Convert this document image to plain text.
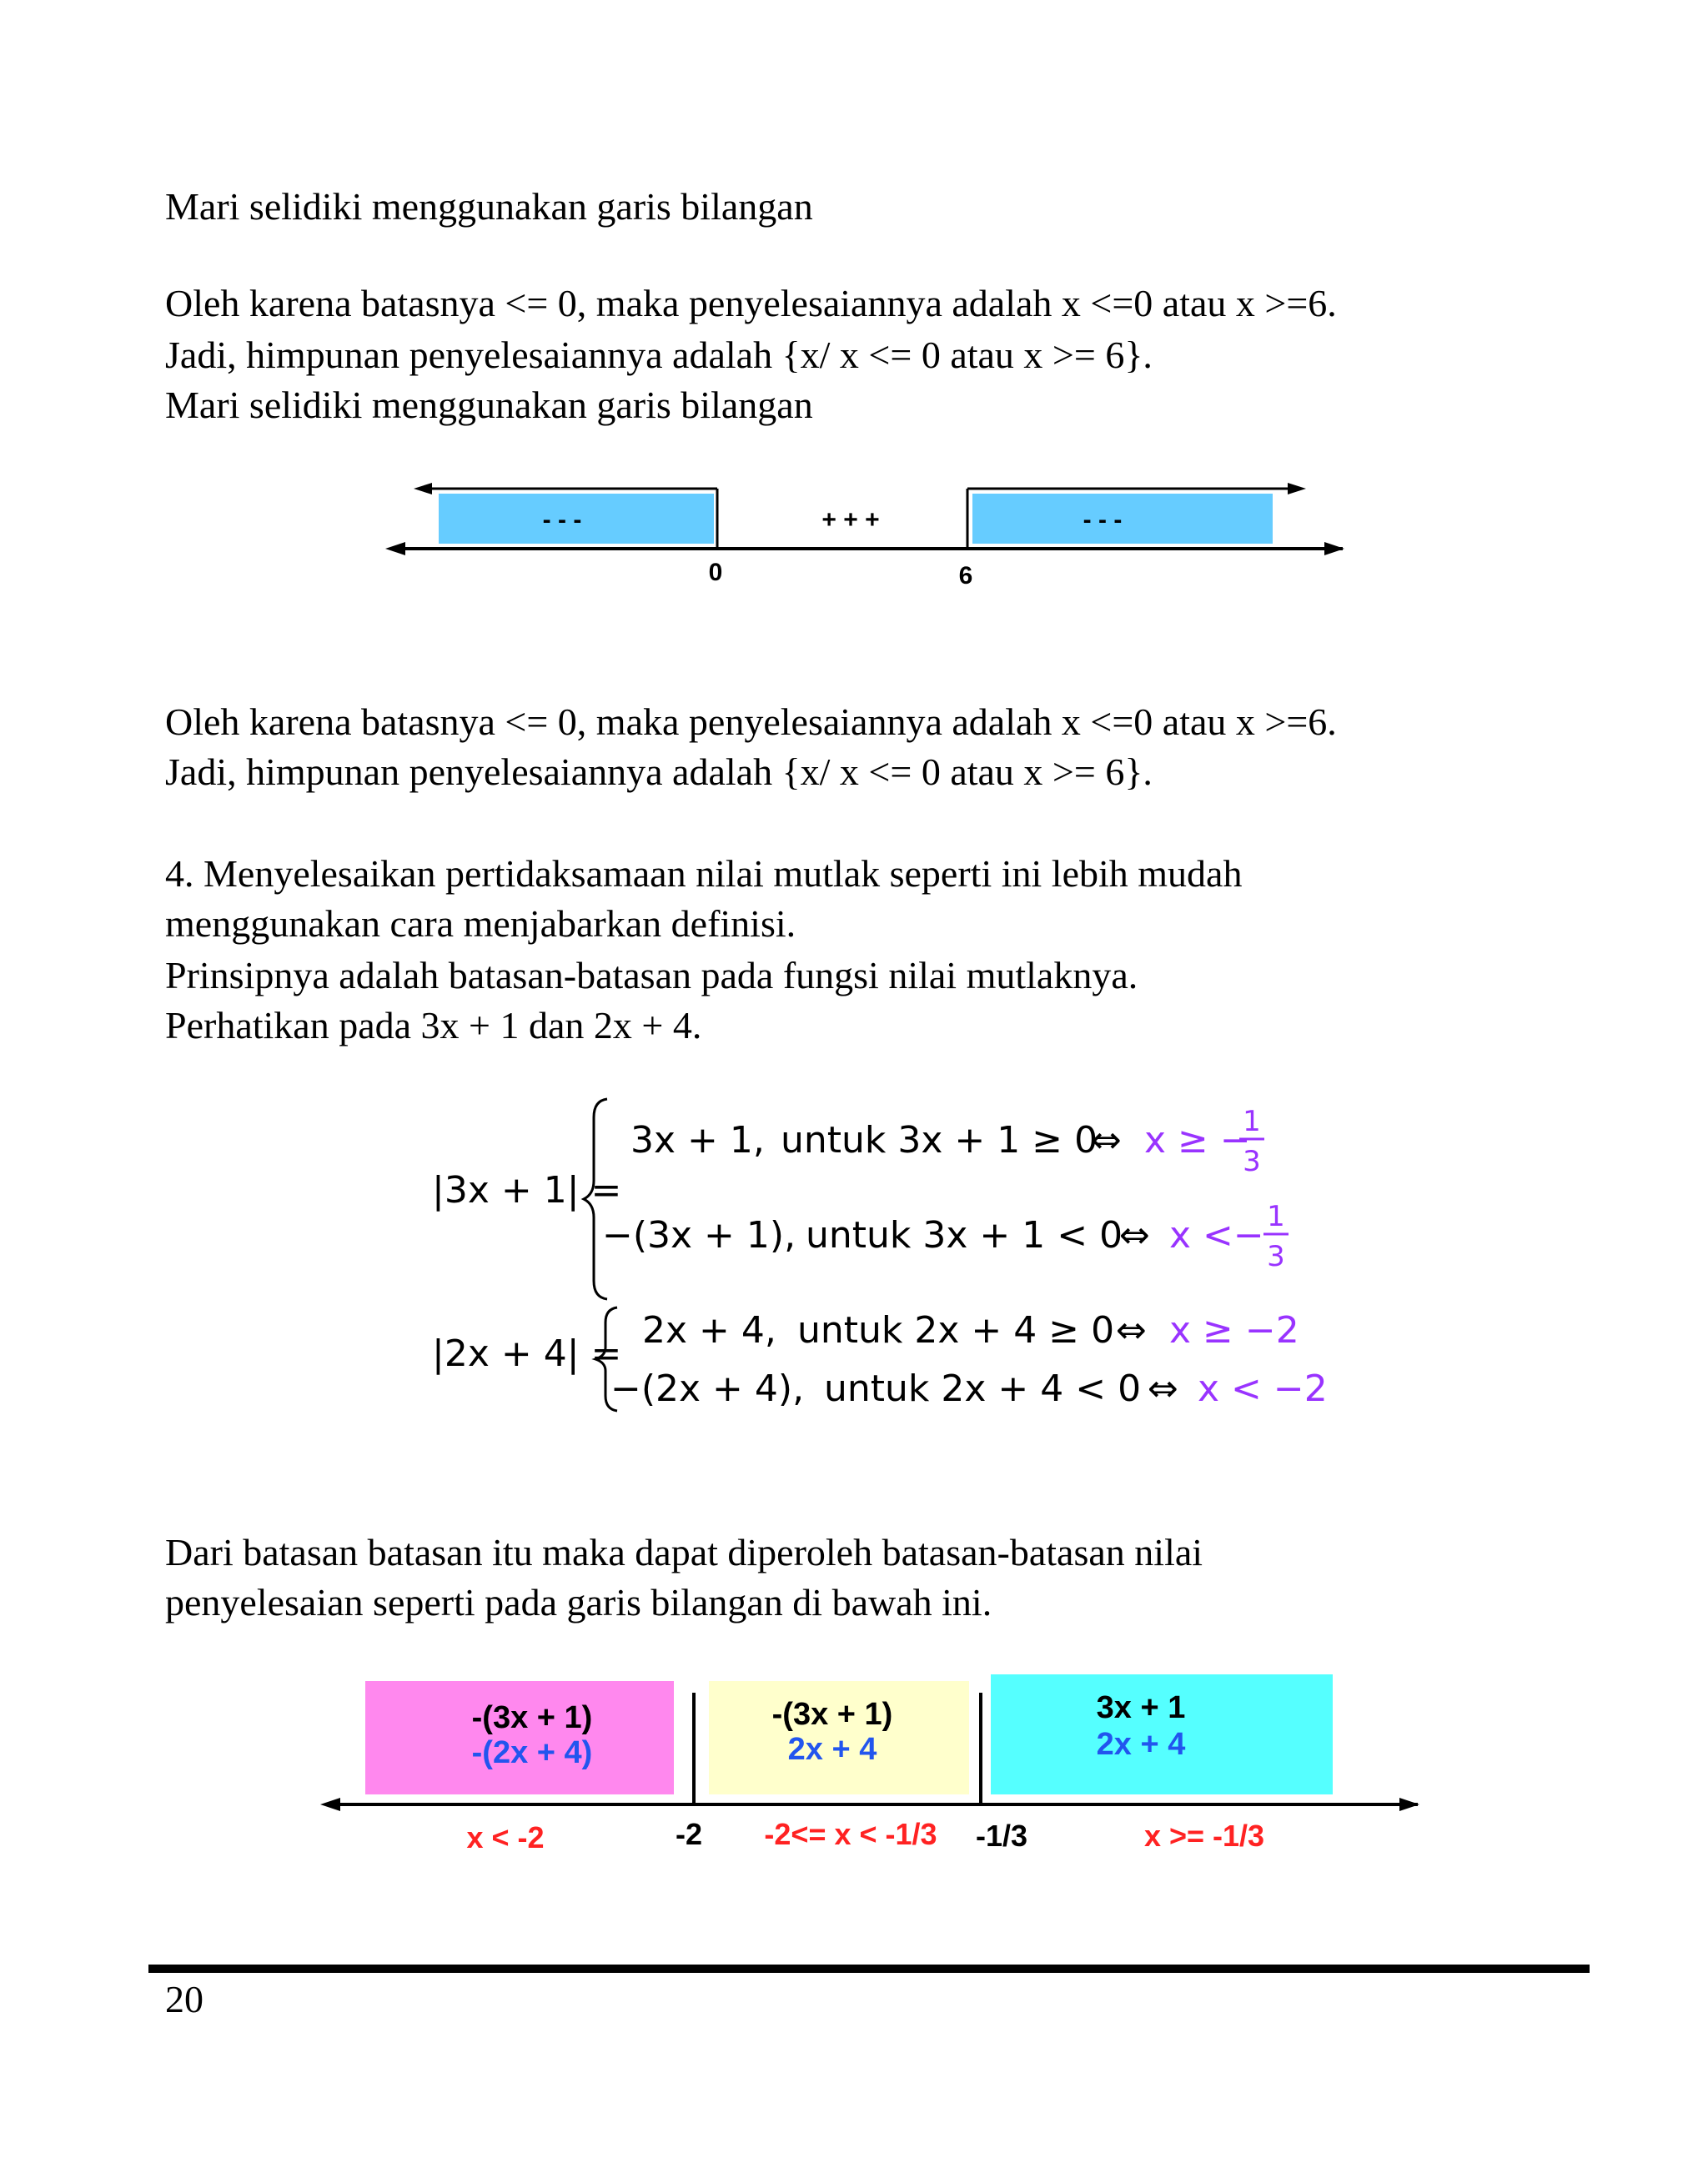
Mari selidiki menggunakan garis bilangan

Oleh karena batasnya <= 0, maka penyelesaiannya adalah x <=0 atau x >=6.

Jadi, himpunan penyelesaiannya adalah {x/ x <= 0 atau x >= 6}.

Mari selidiki menggunakan garis bilangan

- - -	+ + +	- - -
0	6

Oleh karena batasnya <= 0, maka penyelesaiannya adalah x <=0 atau x >=6.

Jadi, himpunan penyelesaiannya adalah {x/ x <= 0 atau x >= 6}.

4. Menyelesaikan pertidaksamaan nilai mutlak seperti ini lebih mudah

menggunakan cara menjabarkan definisi.

Prinsipnya adalah batasan-batasan pada fungsi nilai mutlaknya.

Perhatikan pada 3x + 1 dan 2x + 4.

|3x + 1| =
3x + 1, untuk 3x + 1 ≥ 0
⇔ x ≥ −
1
3
−(3x + 1), untuk 3x + 1 < 0
⇔ x <− 1
3
|2x + 4| =
2x + 4, untuk 2x + 4 ≥ 0 ⇔ x ≥ −2
−(2x + 4), untuk 2x + 4 < 0 ⇔ x < −2

Dari batasan batasan itu maka dapat diperoleh batasan-batasan nilai

penyelesaian seperti pada garis bilangan di bawah ini.

-(3x + 1)
-(2x + 4)
-(3x + 1)
2x + 4
3x + 1
2x + 4
x < -2	-2 -2<= x < -1/3 -1/3	x >= -1/3
20
